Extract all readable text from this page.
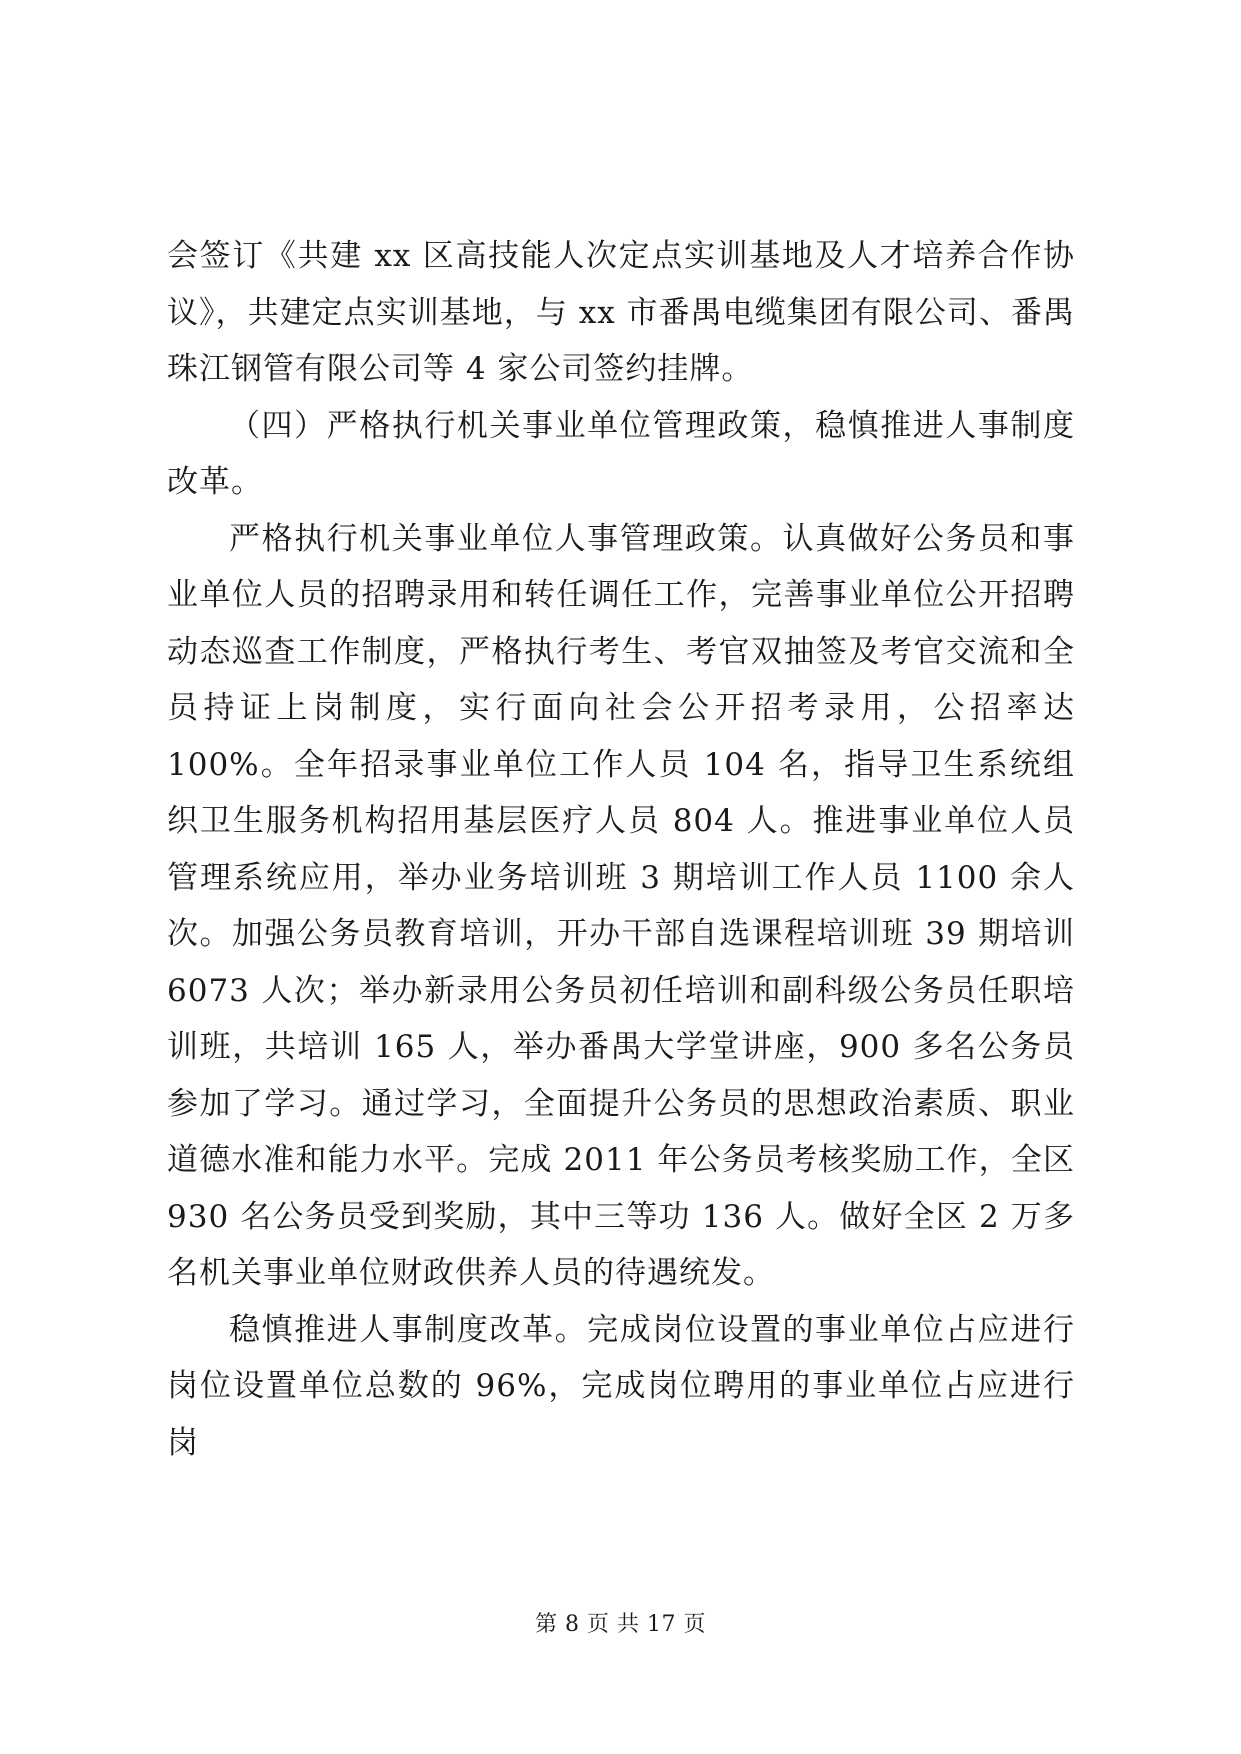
会签订《共建 xx 区高技能人次定点实训基地及人才培养合作协议》，共建定点实训基地，与 xx 市番禺电缆集团有限公司、番禺珠江钢管有限公司等 4 家公司签约挂牌。

（四）严格执行机关事业单位管理政策，稳慎推进人事制度改革。

严格执行机关事业单位人事管理政策。认真做好公务员和事业单位人员的招聘录用和转任调任工作，完善事业单位公开招聘动态巡查工作制度，严格执行考生、考官双抽签及考官交流和全员持证上岗制度，实行面向社会公开招考录用，公招率达 100%。全年招录事业单位工作人员 104 名，指导卫生系统组织卫生服务机构招用基层医疗人员 804 人。推进事业单位人员管理系统应用，举办业务培训班 3 期培训工作人员 1100 余人次。加强公务员教育培训，开办干部自选课程培训班 39 期培训 6073 人次；举办新录用公务员初任培训和副科级公务员任职培训班，共培训 165 人，举办番禺大学堂讲座，900 多名公务员参加了学习。通过学习，全面提升公务员的思想政治素质、职业道德水准和能力水平。完成 2011 年公务员考核奖励工作，全区 930 名公务员受到奖励，其中三等功 136 人。做好全区 2 万多名机关事业单位财政供养人员的待遇统发。

稳慎推进人事制度改革。完成岗位设置的事业单位占应进行岗位设置单位总数的 96%，完成岗位聘用的事业单位占应进行岗

第 8 页 共 17 页
